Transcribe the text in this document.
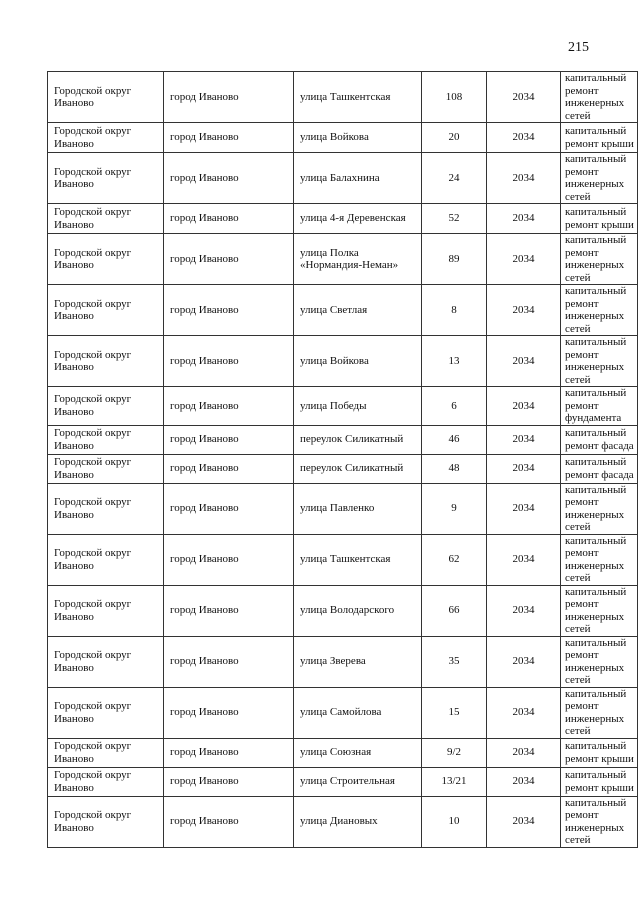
215
Городской округ Иваново	город Иваново	улица Ташкентская	108	2034	капитальный ремонт инженерных сетей
Городской округ Иваново	город Иваново	улица Войкова	20	2034	капитальный ремонт крыши
Городской округ Иваново	город Иваново	улица Балахнина	24	2034	капитальный ремонт инженерных сетей
Городской округ Иваново	город Иваново	улица 4-я Деревенская	52	2034	капитальный ремонт крыши
Городской округ Иваново	город Иваново	улица Полка «Нормандия-Неман»	89	2034	капитальный ремонт инженерных сетей
Городской округ Иваново	город Иваново	улица Светлая	8	2034	капитальный ремонт инженерных сетей
Городской округ Иваново	город Иваново	улица Войкова	13	2034	капитальный ремонт инженерных сетей
Городской округ Иваново	город Иваново	улица Победы	6	2034	капитальный ремонт фундамента
Городской округ Иваново	город Иваново	переулок Силикатный	46	2034	капитальный ремонт фасада
Городской округ Иваново	город Иваново	переулок Силикатный	48	2034	капитальный ремонт фасада
Городской округ Иваново	город Иваново	улица Павленко	9	2034	капитальный ремонт инженерных сетей
Городской округ Иваново	город Иваново	улица Ташкентская	62	2034	капитальный ремонт инженерных сетей
Городской округ Иваново	город Иваново	улица Володарского	66	2034	капитальный ремонт инженерных сетей
Городской округ Иваново	город Иваново	улица Зверева	35	2034	капитальный ремонт инженерных сетей
Городской округ Иваново	город Иваново	улица Самойлова	15	2034	капитальный ремонт инженерных сетей
Городской округ Иваново	город Иваново	улица Союзная	9/2	2034	капитальный ремонт крыши
Городской округ Иваново	город Иваново	улица Строительная	13/21	2034	капитальный ремонт крыши
Городской округ Иваново	город Иваново	улица Диановых	10	2034	капитальный ремонт инженерных сетей
